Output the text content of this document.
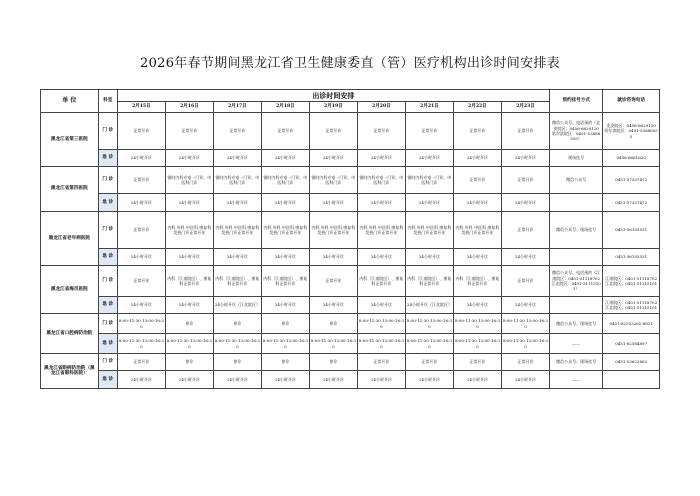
2026年春节期间黑龙江省卫生健康委直（管）医疗机构出诊时间安排表
单 位	科室	出诊时间安排									预约挂号方式	就诊咨询电话
		2月15日	2月16日	2月17日	2月18日	2月19日	2月20日	2月21日	2月22日	2月23日		
黑龙江省第三医院	门 诊	正常开诊	正常开诊	正常开诊	正常开诊	正常开诊	正常开诊	正常开诊	正常开诊	正常开诊	微信公众号、电话预约（北安院区：0456-6629120 哈尔滨院区：0451-53686555）	北安院区：0456-6629120 哈尔滨院区：0451-53686555
	急 诊	24小时开诊	24小时开诊	24小时开诊	24小时开诊	24小时开诊	24小时开诊	24小时开诊	24小时开诊	24小时开诊	现场挂号	0456-6661620
黑龙江省第四医院	门 诊	正常开诊	错时内科专家一门诊、中医科门诊	错时内科专家一门诊、中医科门诊	错时内科专家一门诊、中医科门诊	错时内科专家一门诊、中医科门诊	错时内科专家一门诊、中医科门诊	错时内科专家一门诊、中医科门诊	正常开诊	正常开诊	微信公众号	0451-57337472
	急 诊	24小时开诊	24小时开诊	24小时开诊	24小时开诊	24小时开诊	24小时开诊	24小时开诊	24小时开诊	24小时开诊		0451-57337472
黑龙江省老年病医院	门 诊	正常开诊	内科 外科 中医科 康复科 发热门诊正常开诊	内科 外科 中医科 康复科 发热门诊正常开诊	内科 外科 中医科 康复科 发热门诊正常开诊	内科 外科 中医科 康复科 发热门诊正常开诊	内科 外科 中医科 康复科 发热门诊正常开诊	内科 外科 中医科 康复科 发热门诊正常开诊	内科 外科 中医科 康复科 发热门诊正常开诊	正常开诊	微信公众号、现场挂号	0451-56193531
	急 诊	24小时开诊	24小时开诊	24小时开诊	24小时开诊	24小时开诊	24小时开诊	24小时开诊	24小时开诊	24小时开诊		0451-56193531
黑龙江省海员医院	门 诊	正常开诊	内科（江南院区）、康复科正常开诊	内科（江南院区）、康复科正常开诊	内科（江南院区）、康复科正常开诊	正常开诊	内科（江南院区）、康复科正常开诊	内科（江南院区）、康复科正常开诊	内科（江南院区）、康复科正常开诊	正常开诊	微信公众号、电话预约（江南院区：0451-51118702 江北院区：0451-51115101）	江南院区：0451-51118702 江北院区：0451-51115101
	急 诊	24小时开诊	24小时开诊	24小时开诊（江北院区）	24小时开诊	24小时开诊	24小时开诊	24小时开诊（江北院区）	24小时开诊	24小时开诊		江南院区：0451-51118702 江北院区：0451-51115101
黑龙江省口腔病防治院	门 诊	8:00-11:30 13:00-16:30	停诊	停诊	停诊	停诊	8:00-11:30 13:00-16:30	8:00-11:30 13:00-16:30	8:00-11:30 13:00-16:30	8:00-11:30 13:00-16:30	微信公众号、现场挂号	0451-82533261-8831
	急 诊	8:00-11:30 13:00-16:30	8:00-11:30 13:00-16:30	8:00-11:30 13:00-16:30	8:00-11:30 13:00-16:30	8:00-11:30 13:00-16:30	8:00-11:30 13:00-16:30	8:00-11:30 13:00-16:30	8:00-11:30 13:00-16:30	8:00-11:30 13:00-16:30	——	0451-82584897
黑龙江省眼病防治院（黑龙江省眼科医院）	门 诊	正常开诊	停诊	停诊	停诊	停诊	正常开诊	正常开诊	正常开诊	正常开诊	微信公众号、现场挂号	0451-53622862
	急 诊	24小时开诊	24小时开诊	24小时开诊	24小时开诊	24小时开诊	24小时开诊	24小时开诊	24小时开诊	24小时开诊	——	
